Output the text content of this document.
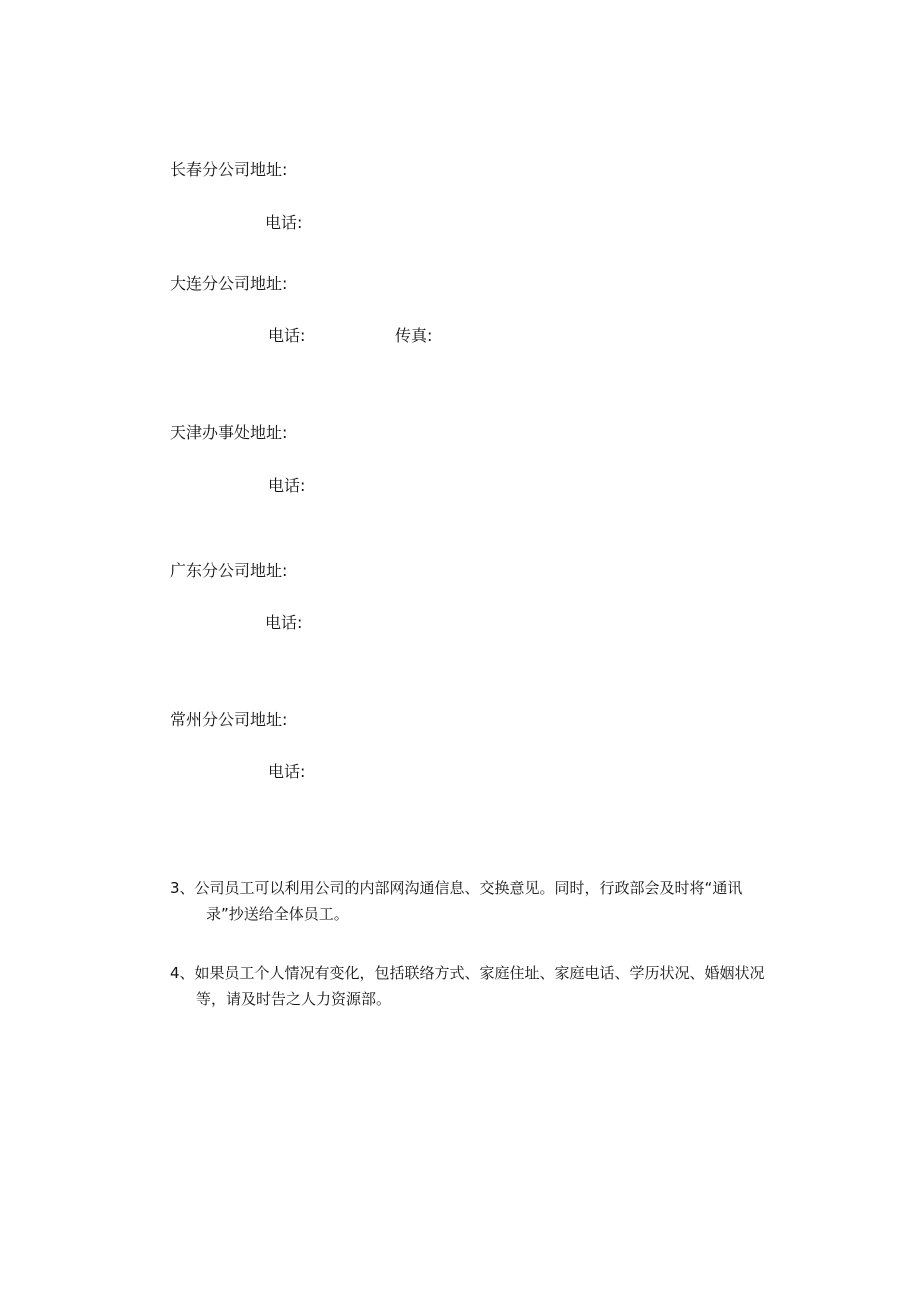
长春分公司地址:
电话:
大连分公司地址:
电话:	传真:
天津办事处地址:
电话:
广东分公司地址:
电话:
常州分公司地址:
电话:
3、公司员工可以利用公司的内部网沟通信息、交换意见。同时，行政部会及时将“通讯
录”抄送给全体员工。
4、如果员工个人情况有变化，包括联络方式、家庭住址、家庭电话、学历状况、婚姻状况
等，请及时告之人力资源部。
